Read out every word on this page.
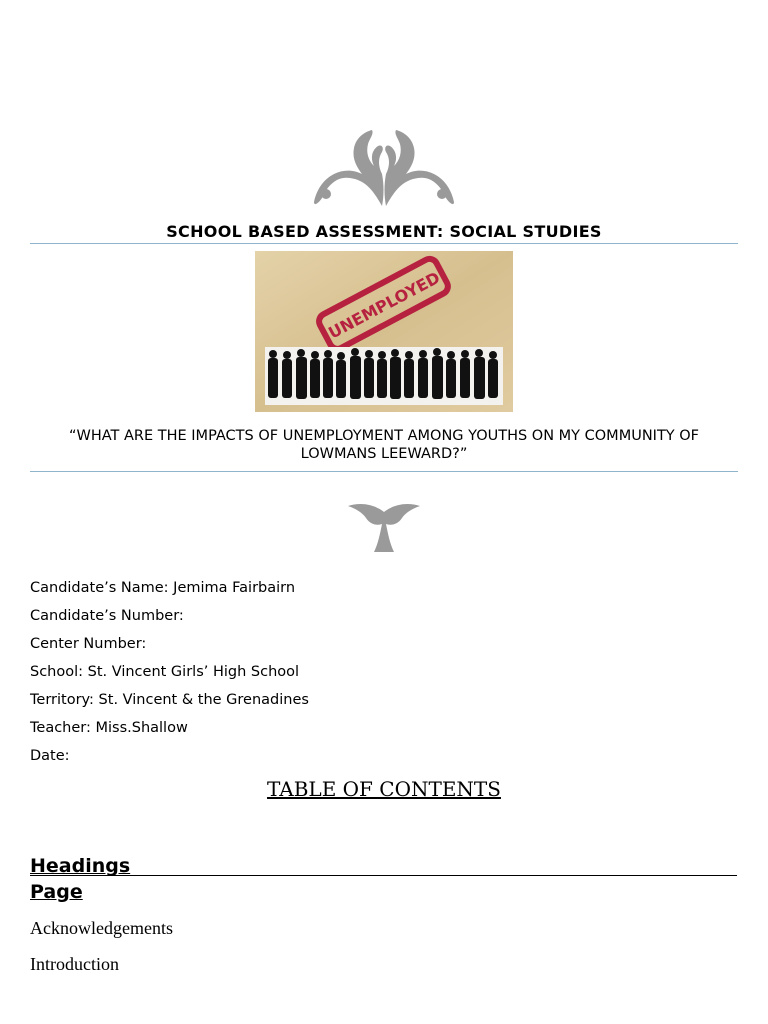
SCHOOL BASED ASSESSMENT: SOCIAL STUDIES
UNEMPLOYED
“WHAT ARE THE IMPACTS OF UNEMPLOYMENT AMONG YOUTHS ON MY COMMUNITY OF LOWMANS LEEWARD?”
Candidate’s Name: Jemima Fairbairn
Candidate’s Number:
Center Number:
School: St. Vincent Girls’ High School
Territory: St. Vincent & the Grenadines
Teacher: Miss.Shallow
Date:
TABLE OF CONTENTS
Headings
Page
Acknowledgements
Introduction
